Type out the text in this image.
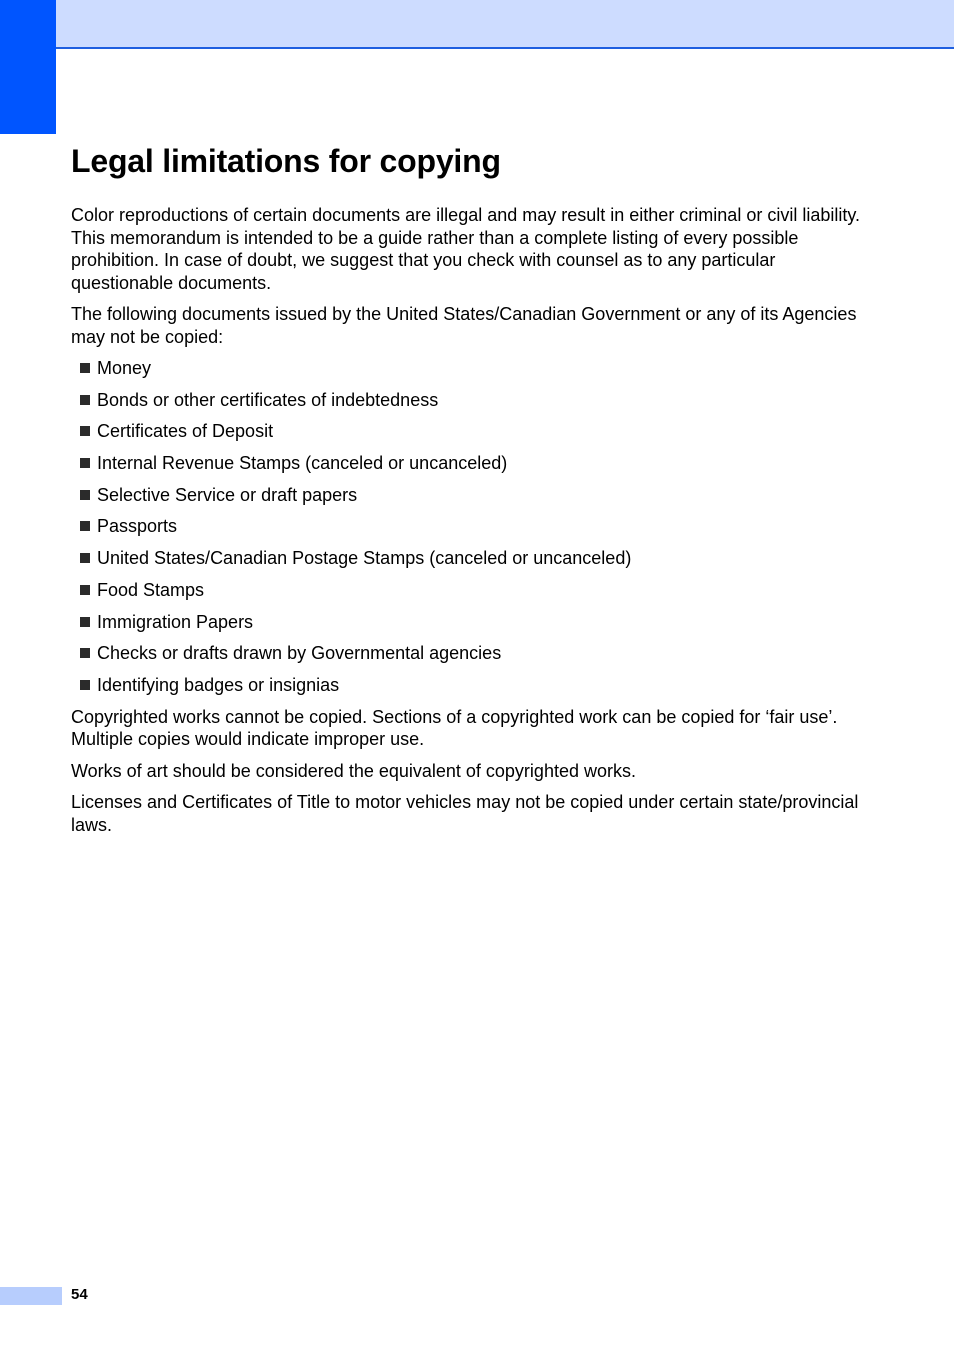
Legal limitations for copying

Color reproductions of certain documents are illegal and may result in either criminal or civil liability. This memorandum is intended to be a guide rather than a complete listing of every possible prohibition. In case of doubt, we suggest that you check with counsel as to any particular questionable documents.

The following documents issued by the United States/Canadian Government or any of its Agencies may not be copied:

Money
Bonds or other certificates of indebtedness
Certificates of Deposit
Internal Revenue Stamps (canceled or uncanceled)
Selective Service or draft papers
Passports
United States/Canadian Postage Stamps (canceled or uncanceled)
Food Stamps
Immigration Papers
Checks or drafts drawn by Governmental agencies
Identifying badges or insignias

Copyrighted works cannot be copied. Sections of a copyrighted work can be copied for ‘fair use’. Multiple copies would indicate improper use.

Works of art should be considered the equivalent of copyrighted works.

Licenses and Certificates of Title to motor vehicles may not be copied under certain state/provincial laws.

54
